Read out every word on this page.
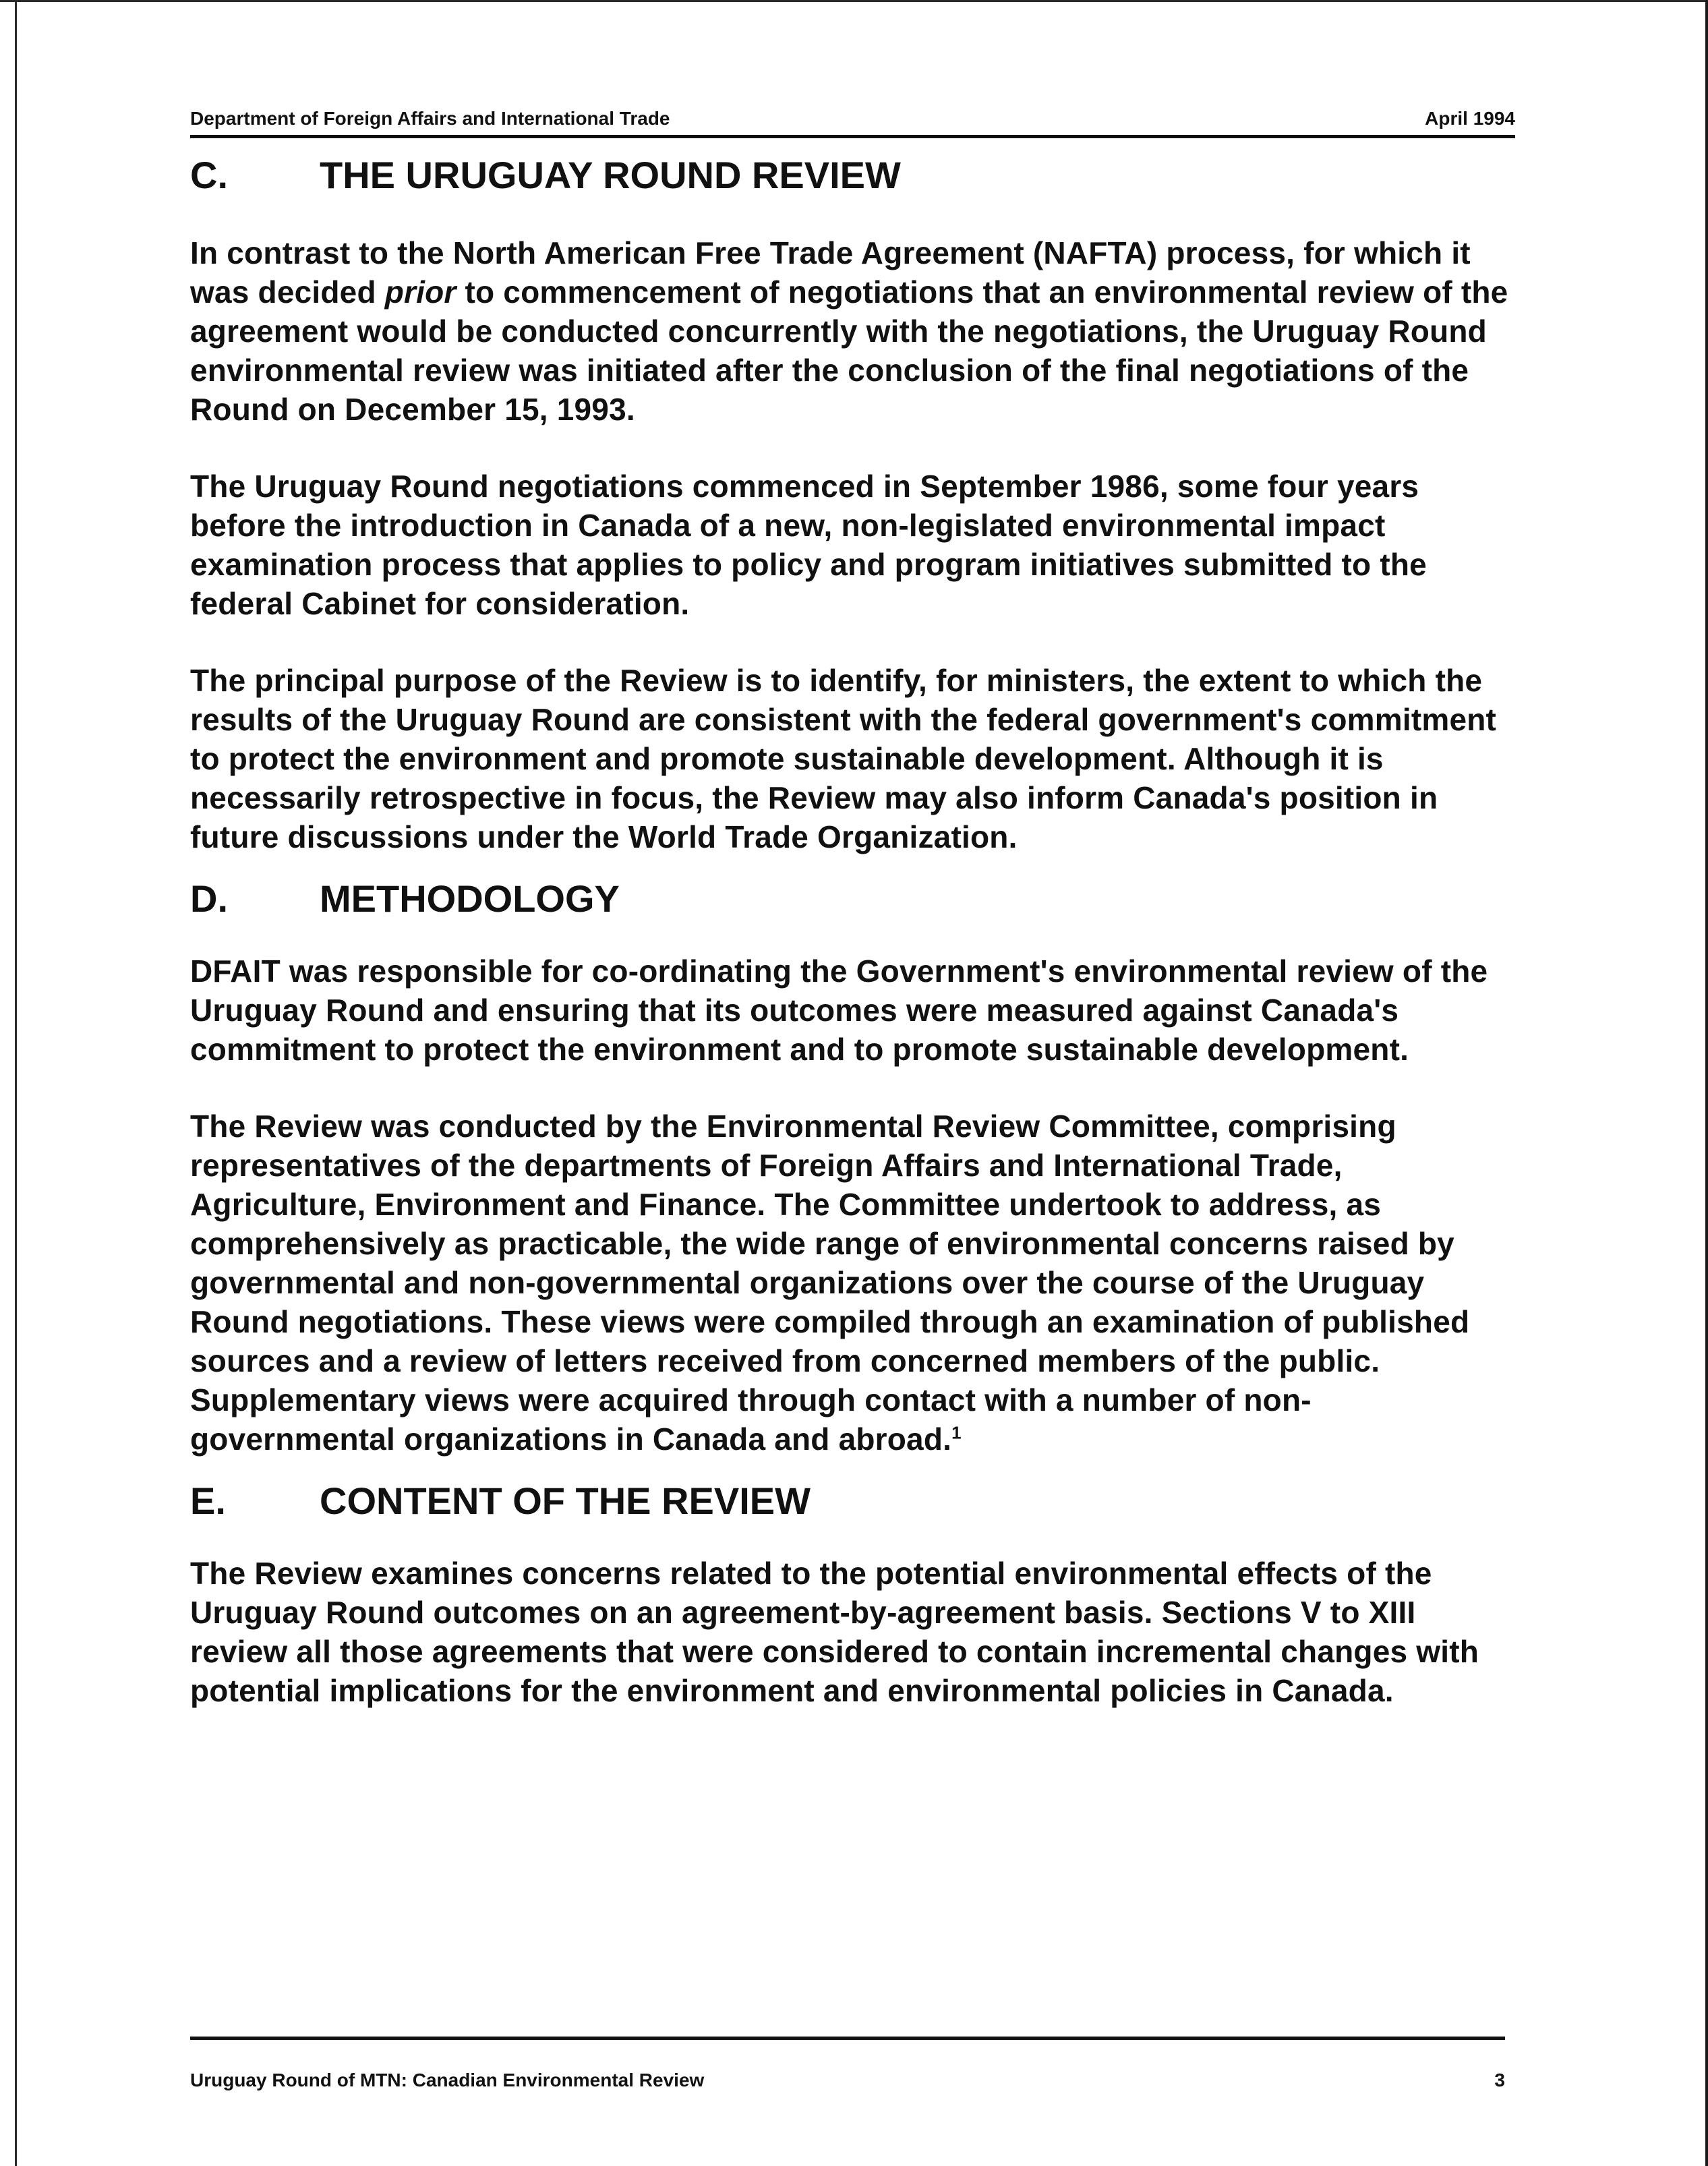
Department of Foreign Affairs and International Trade	April 1994
C.	THE URUGUAY ROUND REVIEW

In contrast to the North American Free Trade Agreement (NAFTA) process, for which it was decided prior to commencement of negotiations that an environmental review of the agreement would be conducted concurrently with the negotiations, the Uruguay Round environmental review was initiated after the conclusion of the final negotiations of the Round on December 15, 1993.

The Uruguay Round negotiations commenced in September 1986, some four years before the introduction in Canada of a new, non-legislated environmental impact examination process that applies to policy and program initiatives submitted to the federal Cabinet for consideration.

The principal purpose of the Review is to identify, for ministers, the extent to which the results of the Uruguay Round are consistent with the federal government's commitment to protect the environment and promote sustainable development. Although it is necessarily retrospective in focus, the Review may also inform Canada's position in future discussions under the World Trade Organization.

D.	METHODOLOGY

DFAIT was responsible for co-ordinating the Government's environmental review of the Uruguay Round and ensuring that its outcomes were measured against Canada's commitment to protect the environment and to promote sustainable development.

The Review was conducted by the Environmental Review Committee, comprising representatives of the departments of Foreign Affairs and International Trade, Agriculture, Environment and Finance. The Committee undertook to address, as comprehensively as practicable, the wide range of environmental concerns raised by governmental and non-governmental organizations over the course of the Uruguay Round negotiations. These views were compiled through an examination of published sources and a review of letters received from concerned members of the public. Supplementary views were acquired through contact with a number of non-governmental organizations in Canada and abroad.$^1$

E.	CONTENT OF THE REVIEW

The Review examines concerns related to the potential environmental effects of the Uruguay Round outcomes on an agreement-by-agreement basis. Sections V to XIII review all those agreements that were considered to contain incremental changes with potential implications for the environment and environmental policies in Canada.

Uruguay Round of MTN: Canadian Environmental Review	3
